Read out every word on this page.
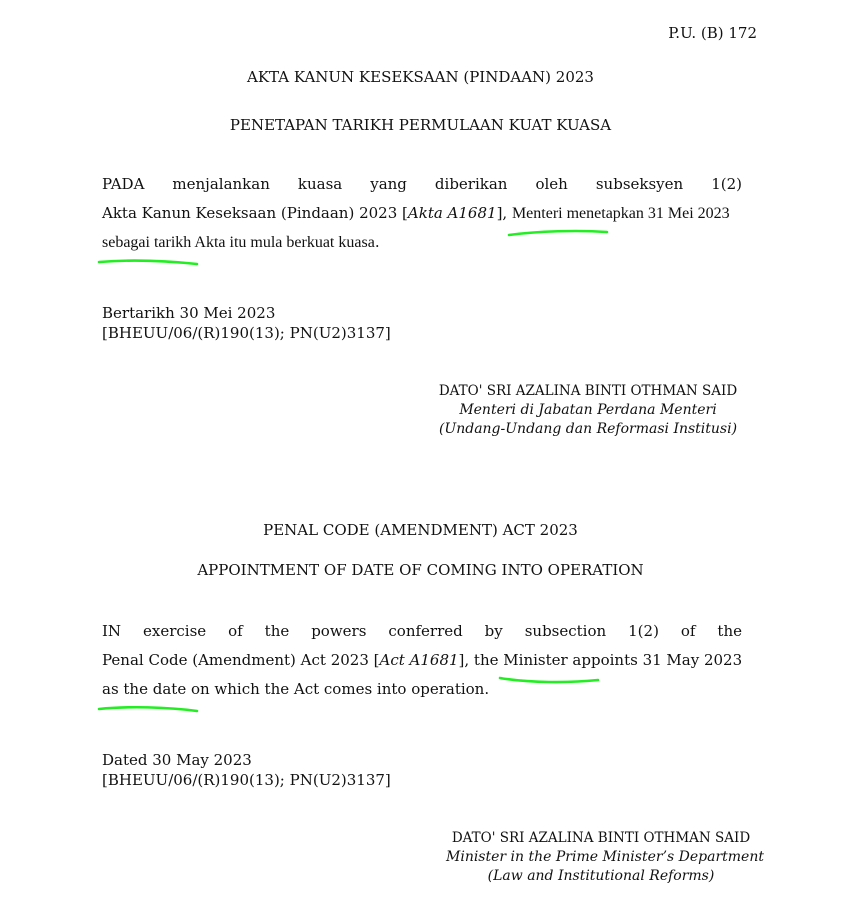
P.U. (B) 172
AKTA KANUN KESEKSAAN (PINDAAN) 2023
PENETAPAN TARIKH PERMULAAN KUAT KUASA
PADA menjalankan kuasa yang diberikan oleh subseksyen 1(2)
Akta Kanun Keseksaan (Pindaan) 2023 [Akta A1681], Menteri menetapkan 31 Mei 2023
sebagai tarikh Akta itu mula berkuat kuasa
.
Bertarikh 30 Mei 2023
[BHEUU/06/(R)190(13); PN(U2)3137]
DATO' SRI AZALINA BINTI OTHMAN SAID
Menteri di Jabatan Perdana Menteri
(Undang-Undang dan Reformasi Institusi)
PENAL CODE (AMENDMENT) ACT 2023
APPOINTMENT OF DATE OF COMING INTO OPERATION
IN exercise of the powers conferred by subsection 1(2) of the
Penal Code (Amendment) Act 2023 [Act A1681], the Minister appoints 31 May 2023
as the date on which the Act comes into operation
.
Dated 30 May 2023
[BHEUU/06/(R)190(13); PN(U2)3137]
DATO' SRI AZALINA BINTI OTHMAN SAID
Minister in the Prime Minister’s Department
(Law and Institutional Reforms)
